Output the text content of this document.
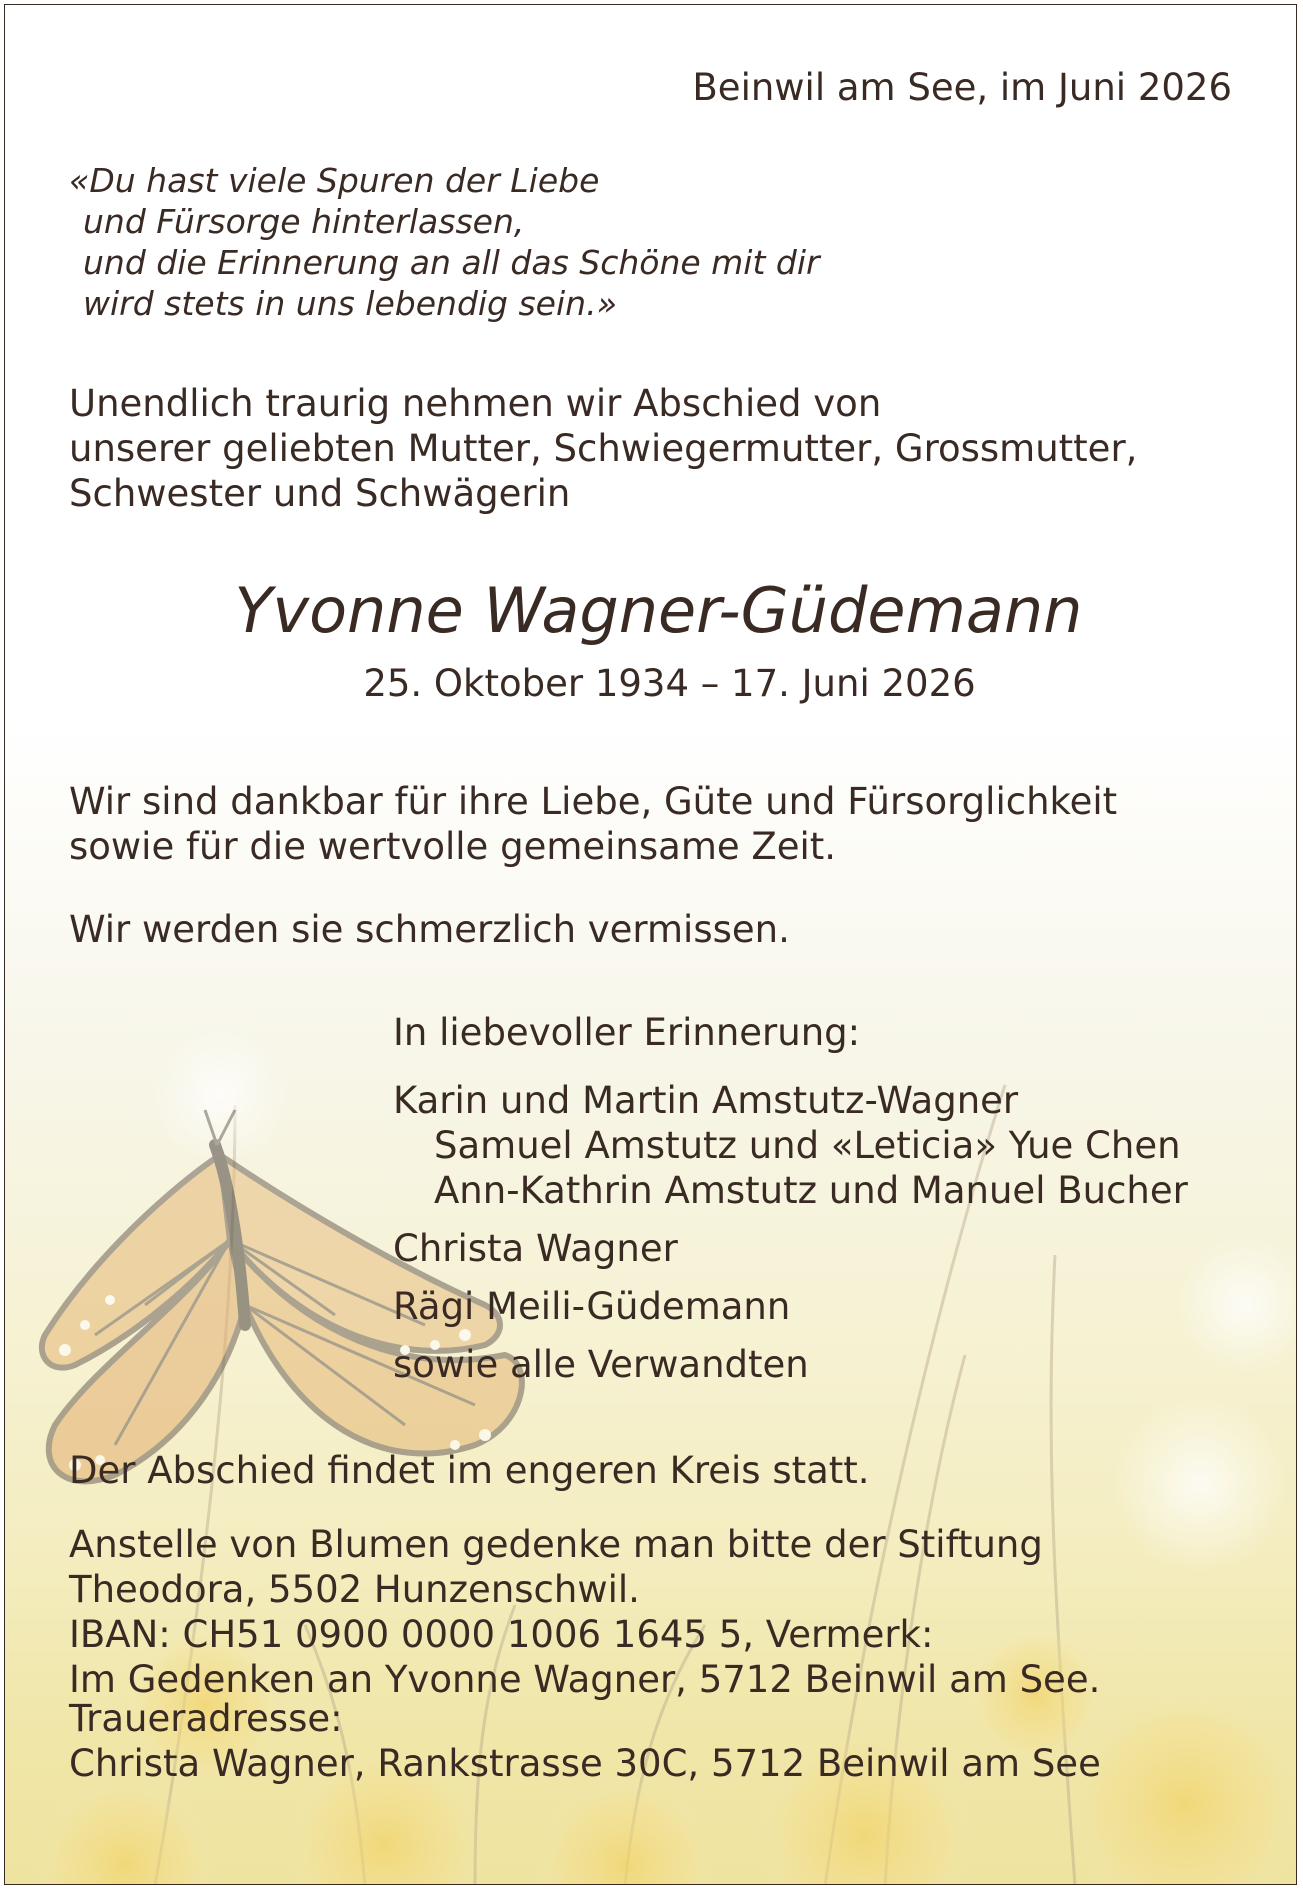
Beinwil am See, im Juni 2026
«Du hast viele Spuren der Liebe
und Fürsorge hinterlassen,
und die Erinnerung an all das Schöne mit dir
wird stets in uns lebendig sein.»
Unendlich traurig nehmen wir Abschied von
unserer geliebten Mutter, Schwiegermutter, Grossmutter,
Schwester und Schwägerin
Yvonne Wagner-Güdemann
25. Oktober 1934 – 17. Juni 2026
Wir sind dankbar für ihre Liebe, Güte und Fürsorglichkeit
sowie für die wertvolle gemeinsame Zeit.
Wir werden sie schmerzlich vermissen.
In liebevoller Erinnerung:
Karin und Martin Amstutz-Wagner
Samuel Amstutz und «Leticia» Yue Chen
Ann-Kathrin Amstutz und Manuel Bucher
Christa Wagner
Rägi Meili-Güdemann
sowie alle Verwandten
Der Abschied findet im engeren Kreis statt.
Anstelle von Blumen gedenke man bitte der Stiftung
Theodora, 5502 Hunzenschwil.
IBAN: CH51 0900 0000 1006 1645 5, Vermerk:
Im Gedenken an Yvonne Wagner, 5712 Beinwil am See.
Traueradresse:
Christa Wagner, Rankstrasse 30C, 5712 Beinwil am See
